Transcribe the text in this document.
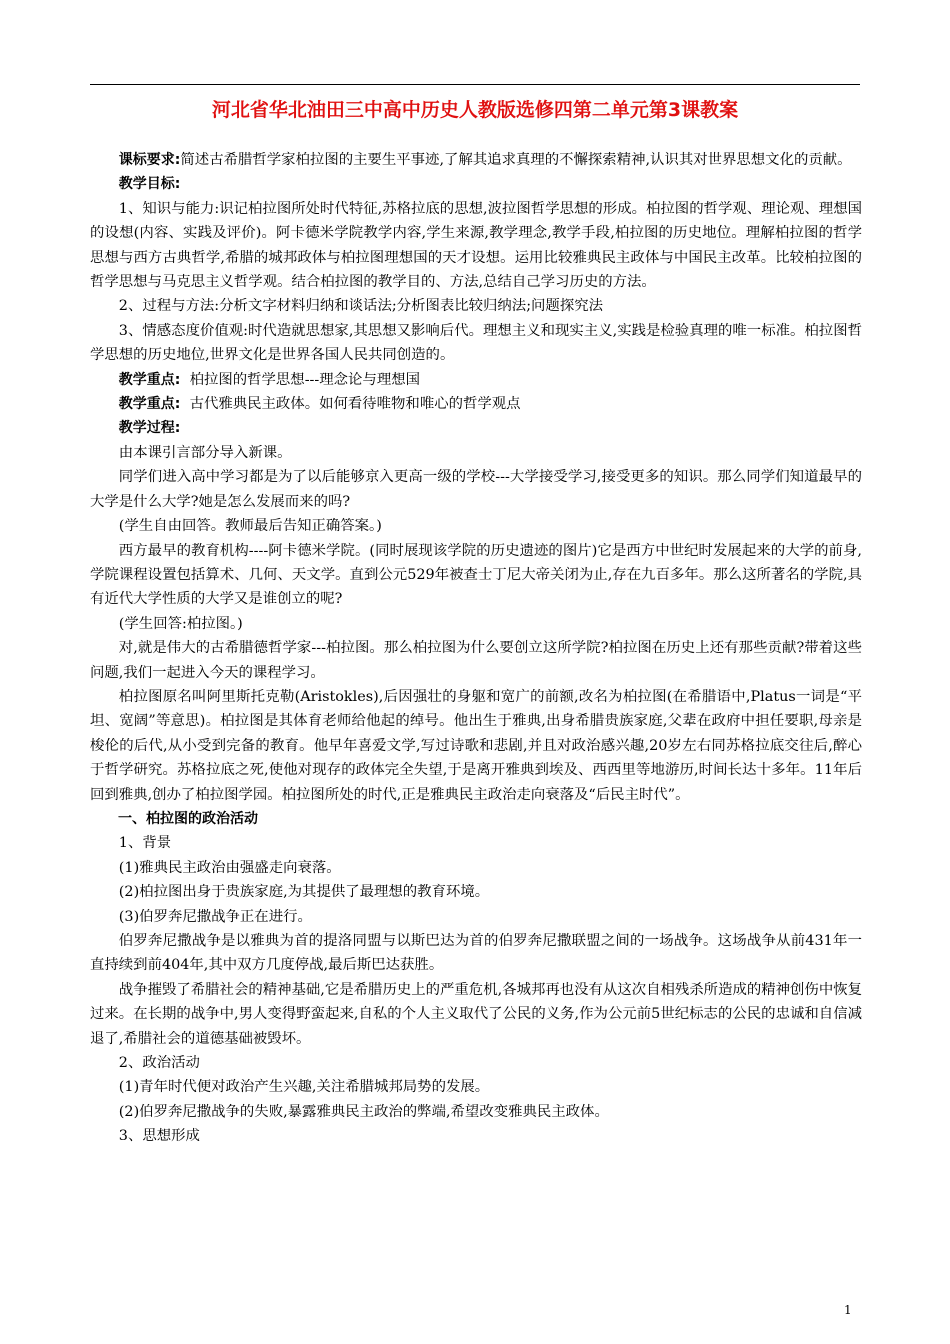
河北省华北油田三中高中历史人教版选修四第二单元第3课教案
课标要求:简述古希腊哲学家柏拉图的主要生平事迹,了解其追求真理的不懈探索精神,认识其对世界思想文化的贡献。
教学目标:
1、知识与能力:识记柏拉图所处时代特征,苏格拉底的思想,波拉图哲学思想的形成。柏拉图的哲学观、理论观、理想国的设想(内容、实践及评价)。阿卡德米学院教学内容,学生来源,教学理念,教学手段,柏拉图的历史地位。理解柏拉图的哲学思想与西方古典哲学,希腊的城邦政体与柏拉图理想国的天才设想。运用比较雅典民主政体与中国民主改革。比较柏拉图的哲学思想与马克思主义哲学观。结合柏拉图的教学目的、方法,总结自己学习历史的方法。
2、过程与方法:分析文字材料归纳和谈话法;分析图表比较归纳法;问题探究法
3、情感态度价值观:时代造就思想家,其思想又影响后代。理想主义和现实主义,实践是检验真理的唯一标准。柏拉图哲学思想的历史地位,世界文化是世界各国人民共同创造的。
教学重点: 柏拉图的哲学思想---理念论与理想国
教学重点: 古代雅典民主政体。如何看待唯物和唯心的哲学观点
教学过程:
由本课引言部分导入新课。
同学们进入高中学习都是为了以后能够京入更高一级的学校---大学接受学习,接受更多的知识。那么同学们知道最早的大学是什么大学?她是怎么发展而来的吗?
(学生自由回答。教师最后告知正确答案。)
西方最早的教育机构----阿卡德米学院。(同时展现该学院的历史遗迹的图片)它是西方中世纪时发展起来的大学的前身,学院课程设置包括算术、几何、天文学。直到公元529年被查士丁尼大帝关闭为止,存在九百多年。那么这所著名的学院,具有近代大学性质的大学又是谁创立的呢?
(学生回答:柏拉图。)
对,就是伟大的古希腊德哲学家---柏拉图。那么柏拉图为什么要创立这所学院?柏拉图在历史上还有那些贡献?带着这些问题,我们一起进入今天的课程学习。
柏拉图原名叫阿里斯托克勒(Aristokles),后因强壮的身躯和宽广的前额,改名为柏拉图(在希腊语中,Platus一词是“平坦、宽阔”等意思)。柏拉图是其体育老师给他起的绰号。他出生于雅典,出身希腊贵族家庭,父辈在政府中担任要职,母亲是梭伦的后代,从小受到完备的教育。他早年喜爱文学,写过诗歌和悲剧,并且对政治感兴趣,20岁左右同苏格拉底交往后,醉心于哲学研究。苏格拉底之死,使他对现存的政体完全失望,于是离开雅典到埃及、西西里等地游历,时间长达十多年。11年后回到雅典,创办了柏拉图学园。柏拉图所处的时代,正是雅典民主政治走向衰落及“后民主时代”。
一、柏拉图的政治活动
1、背景
(1)雅典民主政治由强盛走向衰落。
(2)柏拉图出身于贵族家庭,为其提供了最理想的教育环境。
(3)伯罗奔尼撒战争正在进行。
伯罗奔尼撒战争是以雅典为首的提洛同盟与以斯巴达为首的伯罗奔尼撒联盟之间的一场战争。这场战争从前431年一直持续到前404年,其中双方几度停战,最后斯巴达获胜。
战争摧毁了希腊社会的精神基础,它是希腊历史上的严重危机,各城邦再也没有从这次自相残杀所造成的精神创伤中恢复过来。在长期的战争中,男人变得野蛮起来,自私的个人主义取代了公民的义务,作为公元前5世纪标志的公民的忠诚和自信减退了,希腊社会的道德基础被毁坏。
2、政治活动
(1)青年时代便对政治产生兴趣,关注希腊城邦局势的发展。
(2)伯罗奔尼撒战争的失败,暴露雅典民主政治的弊端,希望改变雅典民主政体。
3、思想形成
1
